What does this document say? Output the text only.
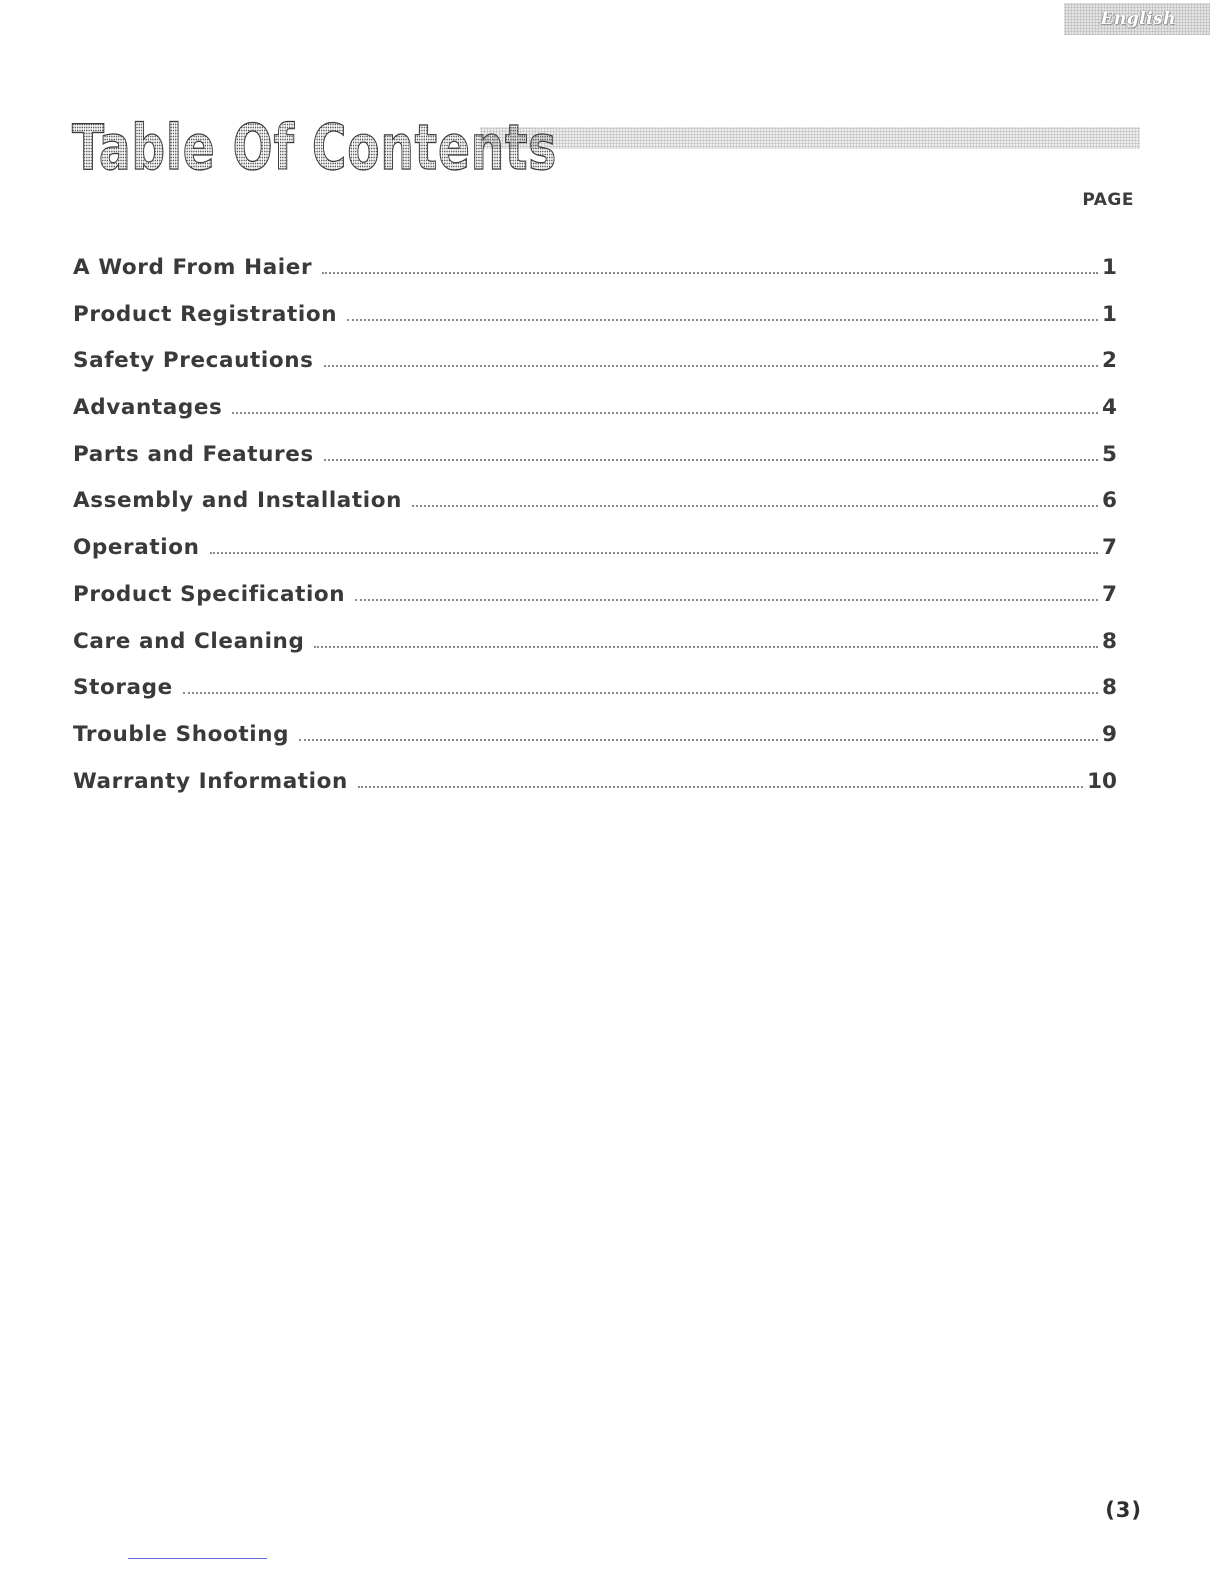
English
Table Of Contents
PAGE
A Word From Haier	1
Product Registration	1
Safety Precautions	2
Advantages	4
Parts and Features	5
Assembly and Installation	6
Operation	7
Product Specification	7
Care and Cleaning	8
Storage	8
Trouble Shooting	9
Warranty Information	10
(3)
